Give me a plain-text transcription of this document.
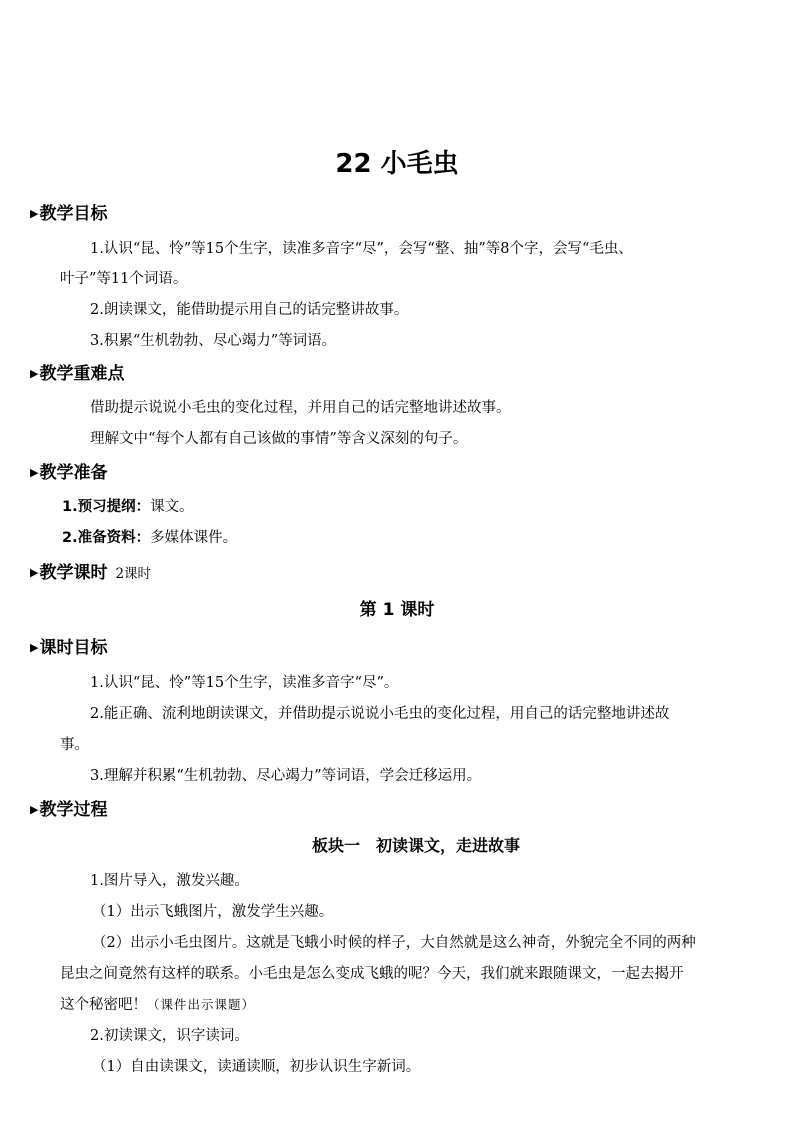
22 小毛虫
▶教学目标
1.认识“昆、怜”等15个生字，读准多音字“尽”，会写“整、抽”等8个字，会写“毛虫、
叶子”等11个词语。
2.朗读课文，能借助提示用自己的话完整讲故事。
3.积累“生机勃勃、尽心竭力”等词语。
▶教学重难点
借助提示说说小毛虫的变化过程，并用自己的话完整地讲述故事。
理解文中“每个人都有自己该做的事情”等含义深刻的句子。
▶教学准备
1.预习提纲：课文。
2.准备资料：多媒体课件。
▶教学课时 2课时
第 1 课时
▶课时目标
1.认识“昆、怜”等15个生字，读准多音字“尽”。
2.能正确、流利地朗读课文，并借助提示说说小毛虫的变化过程，用自己的话完整地讲述故
事。
3.理解并积累“生机勃勃、尽心竭力”等词语，学会迁移运用。
▶教学过程
板块一　初读课文，走进故事
1.图片导入，激发兴趣。
（1）出示飞蛾图片，激发学生兴趣。
（2）出示小毛虫图片。这就是飞蛾小时候的样子，大自然就是这么神奇，外貌完全不同的两种
昆虫之间竟然有这样的联系。小毛虫是怎么变成飞蛾的呢？今天，我们就来跟随课文，一起去揭开
这个秘密吧！（课件出示课题）
2.初读课文，识字读词。
（1）自由读课文，读通读顺，初步认识生字新词。
